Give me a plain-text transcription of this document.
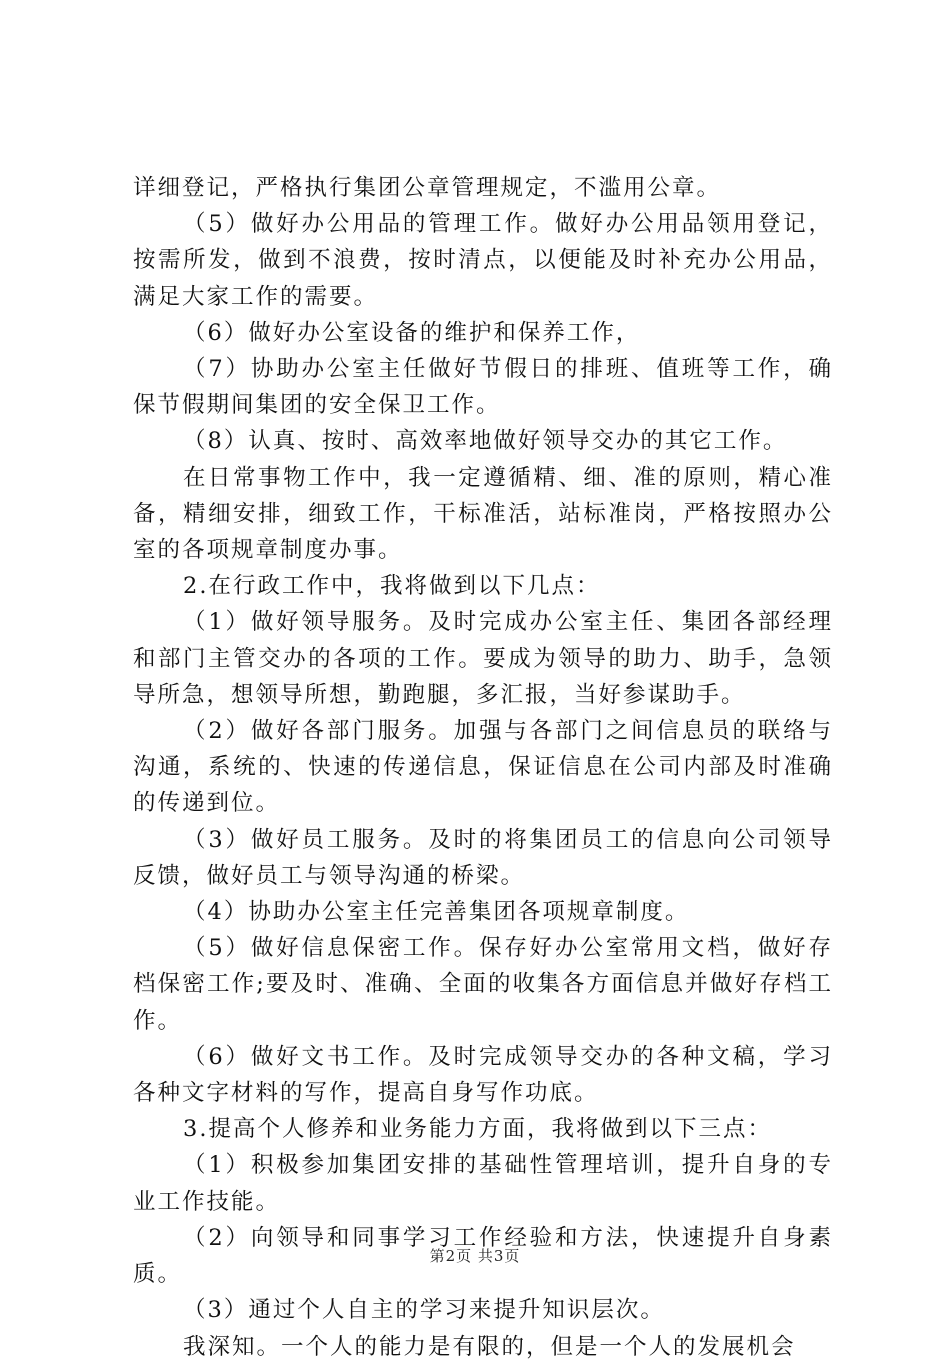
详细登记，严格执行集团公章管理规定，不滥用公章。

（5）做好办公用品的管理工作。做好办公用品领用登记，按需所发，做到不浪费，按时清点，以便能及时补充办公用品，满足大家工作的需要。

（6）做好办公室设备的维护和保养工作，

（7）协助办公室主任做好节假日的排班、值班等工作，确保节假期间集团的安全保卫工作。

（8）认真、按时、高效率地做好领导交办的其它工作。

在日常事物工作中，我一定遵循精、细、准的原则，精心准备，精细安排，细致工作，干标准活，站标准岗，严格按照办公室的各项规章制度办事。

2.在行政工作中，我将做到以下几点：

（1）做好领导服务。及时完成办公室主任、集团各部经理和部门主管交办的各项的工作。要成为领导的助力、助手，急领导所急，想领导所想，勤跑腿，多汇报，当好参谋助手。

（2）做好各部门服务。加强与各部门之间信息员的联络与沟通，系统的、快速的传递信息，保证信息在公司内部及时准确的传递到位。

（3）做好员工服务。及时的将集团员工的信息向公司领导反馈，做好员工与领导沟通的桥梁。

（4）协助办公室主任完善集团各项规章制度。

（5）做好信息保密工作。保存好办公室常用文档，做好存档保密工作;要及时、准确、全面的收集各方面信息并做好存档工作。

（6）做好文书工作。及时完成领导交办的各种文稿，学习各种文字材料的写作，提高自身写作功底。

3.提高个人修养和业务能力方面，我将做到以下三点：

（1）积极参加集团安排的基础性管理培训，提升自身的专业工作技能。

（2）向领导和同事学习工作经验和方法，快速提升自身素质。

（3）通过个人自主的学习来提升知识层次。

我深知。一个人的能力是有限的，但是一个人的发展机会

第2页 共3页
